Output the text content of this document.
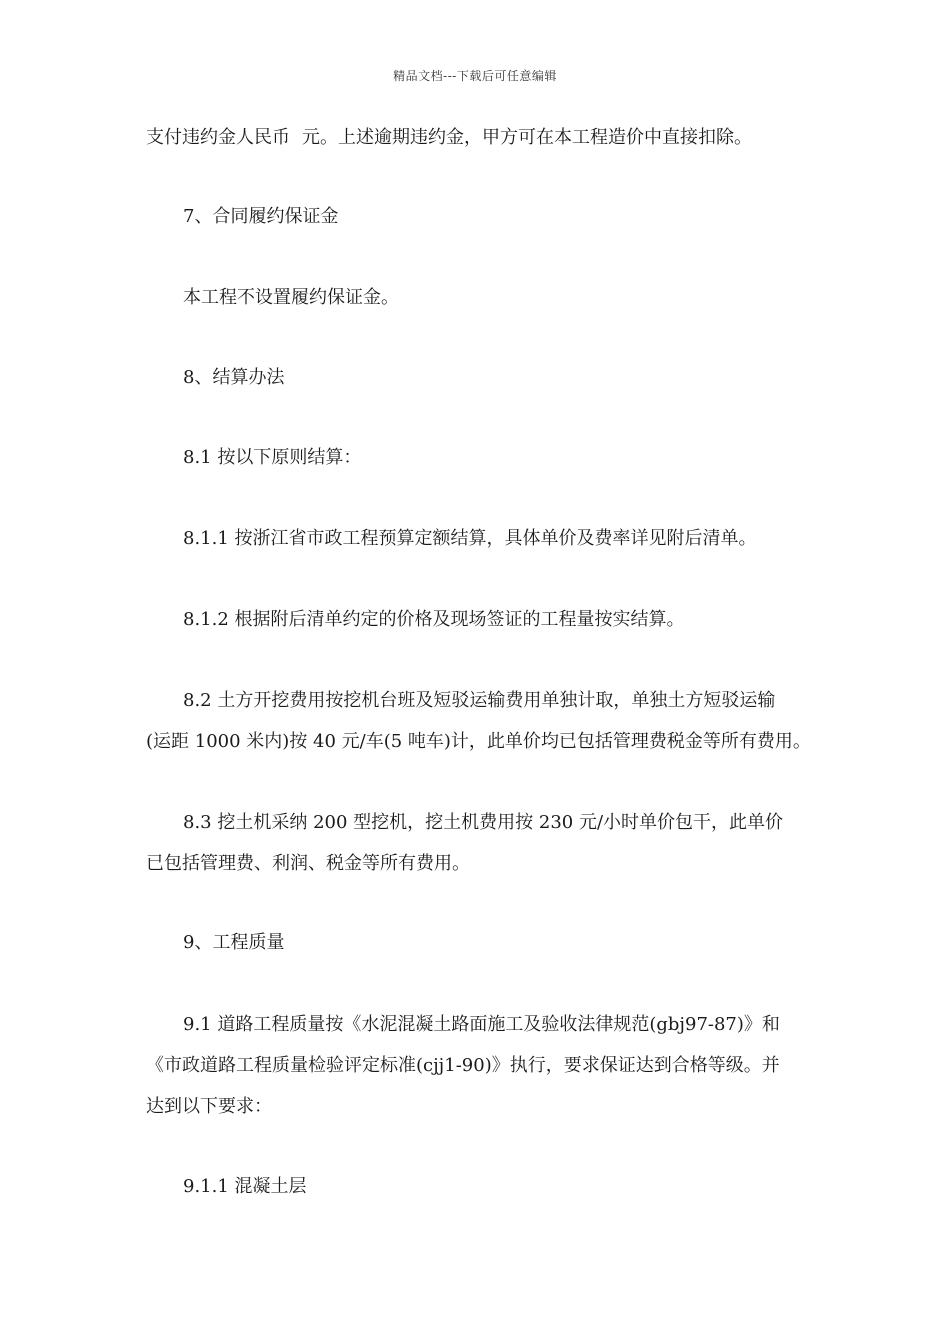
精品文档---下载后可任意编辑

支付违约金人民币 元。上述逾期违约金，甲方可在本工程造价中直接扣除。

7、合同履约保证金

本工程不设置履约保证金。

8、结算办法

8.1 按以下原则结算：

8.1.1 按浙江省市政工程预算定额结算，具体单价及费率详见附后清单。

8.1.2 根据附后清单约定的价格及现场签证的工程量按实结算。

8.2 土方开挖费用按挖机台班及短驳运输费用单独计取，单独土方短驳运输
(运距 1000 米内)按 40 元/车(5 吨车)计，此单价均已包括管理费税金等所有费用。
8.3 挖土机采纳 200 型挖机，挖土机费用按 230 元/小时单价包干，此单价
已包括管理费、利润、税金等所有费用。

9、工程质量

9.1 道路工程质量按《水泥混凝土路面施工及验收法律规范(gbj97-87)》和
《市政道路工程质量检验评定标准(cjj1-90)》执行，要求保证达到合格等级。并
达到以下要求：

9.1.1 混凝土层
